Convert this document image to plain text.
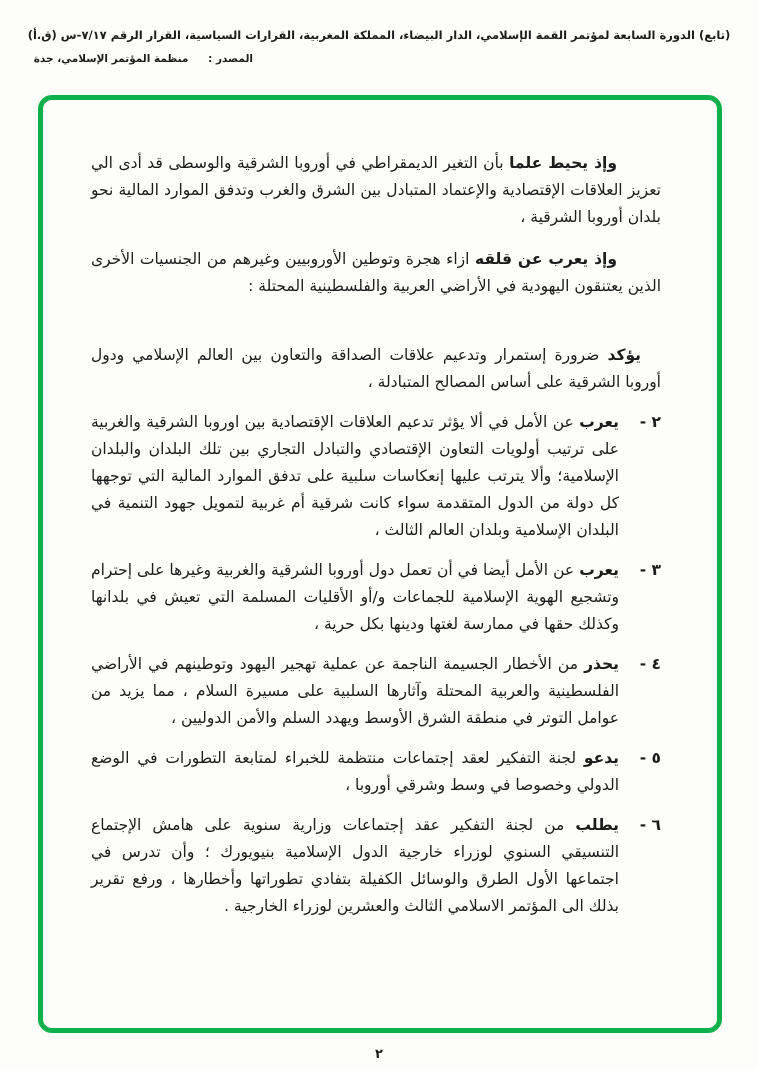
(تابع) الدورة السابعة لمؤتمر القمة الإسلامي، الدار البيضاء، المملكة المغربية، القرارات السياسية، القرار الرقم ٧/١٧-س (ق.أ)
المصدر : منظمة المؤتمر الإسلامي، جدة

وإذ يحيط علما بأن التغير الديمقراطي في أوروبا الشرقية والوسطى قد أدى الي تعزيز العلاقات الإقتصادية والإعتماد المتبادل بين الشرق والغرب وتدفق الموارد المالية نحو بلدان أوروبا الشرقية ،

وإذ يعرب عن قلقه ازاء هجرة وتوطين الأوروبيين وغيرهم من الجنسيات الأخرى الذين يعتنقون اليهودية في الأراضي العربية والفلسطينية المحتلة :

يؤكد ضرورة إستمرار وتدعيم علاقات الصداقة والتعاون بين العالم الإسلامي ودول أوروبا الشرقية على أساس المصالح المتبادلة ،

٢ -

يعرب عن الأمل في ألا يؤثر تدعيم العلاقات الإقتصادية بين اوروبا الشرقية والغربية على ترتيب أولويات التعاون الإقتصادي والتبادل التجاري بين تلك البلدان والبلدان الإسلامية؛ وألا يترتب عليها إنعكاسات سلبية على تدفق الموارد المالية التي توجهها كل دولة من الدول المتقدمة سواء كانت شرقية أم غربية لتمويل جهود التنمية في البلدان الإسلامية وبلدان العالم الثالث ،

٣ -

يعرب عن الأمل أيضا في أن تعمل دول أوروبا الشرقية والغربية وغيرها على إحترام وتشجيع الهوية الإسلامية للجماعات و/أو الأقليات المسلمة التي تعيش في بلدانها وكذلك حقها في ممارسة لغتها ودينها بكل حرية ،

٤ -

يحذر من الأخطار الجسيمة الناجمة عن عملية تهجير اليهود وتوطينهم في الأراضي الفلسطينية والعربية المحتلة وآثارها السلبية على مسيرة السلام ، مما يزيد من عوامل التوتر في منطقة الشرق الأوسط ويهدد السلم والأمن الدوليين ،

٥ -

يدعو لجنة التفكير لعقد إجتماعات منتظمة للخبراء لمتابعة التطورات في الوضع الدولي وخصوصا في وسط وشرقي أوروبا ،

٦ -

يطلب من لجنة التفكير عقد إجتماعات وزارية سنوية على هامش الإجتماع التنسيقي السنوي لوزراء خارجية الدول الإسلامية بنيويورك ؛ وأن تدرس في اجتماعها الأول الطرق والوسائل الكفيلة بتفادي تطوراتها وأخطارها ، ورفع تقرير بذلك الى المؤتمر الاسلامي الثالث والعشرين لوزراء الخارجية .

٢
